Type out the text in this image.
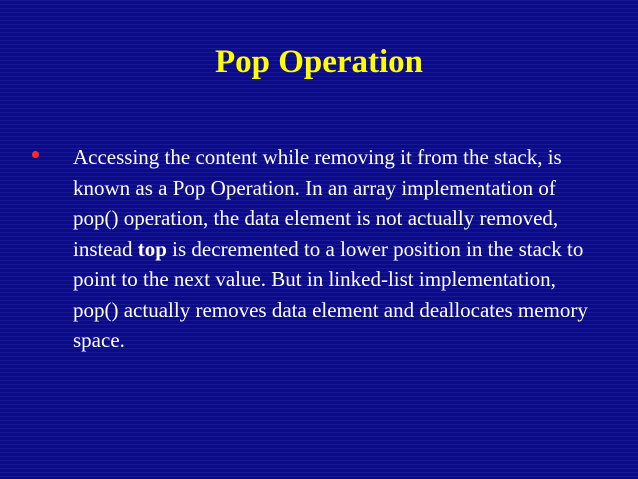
Pop Operation
Accessing the content while removing it from the stack, is known as a Pop Operation. In an array implementation of pop() operation, the data element is not actually removed, instead top is decremented to a lower position in the stack to point to the next value. But in linked-list implementation, pop() actually removes data element and deallocates memory space.
